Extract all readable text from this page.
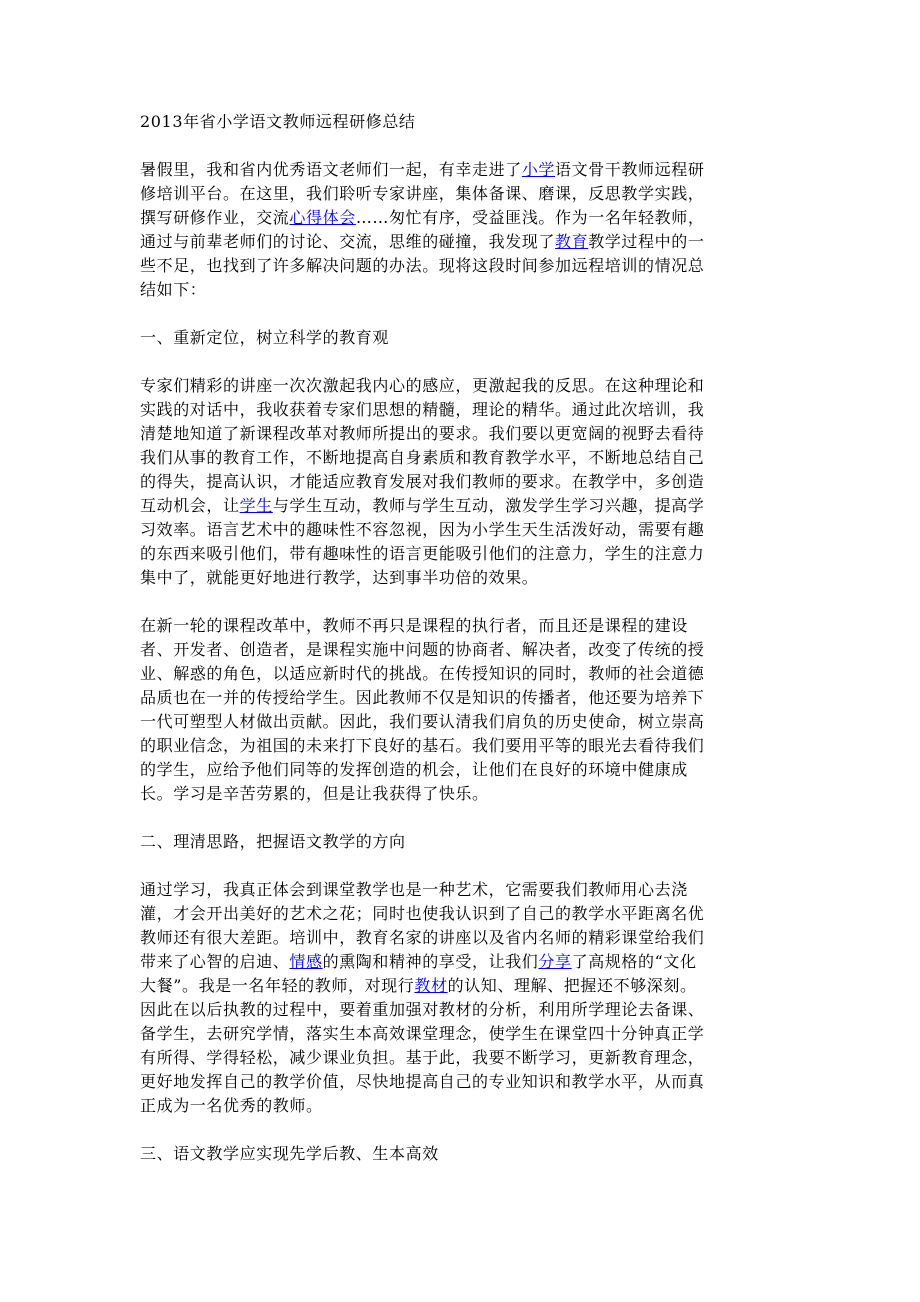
2013年省小学语文教师远程研修总结
暑假里，我和省内优秀语文老师们一起，有幸走进了小学语文骨干教师远程研
修培训平台。在这里，我们聆听专家讲座，集体备课、磨课，反思教学实践，
撰写研修作业，交流心得体会……匆忙有序，受益匪浅。作为一名年轻教师，
通过与前辈老师们的讨论、交流，思维的碰撞，我发现了教育教学过程中的一
些不足，也找到了许多解决问题的办法。现将这段时间参加远程培训的情况总
结如下：
一、重新定位，树立科学的教育观
专家们精彩的讲座一次次激起我内心的感应，更激起我的反思。在这种理论和
实践的对话中，我收获着专家们思想的精髓，理论的精华。通过此次培训，我
清楚地知道了新课程改革对教师所提出的要求。我们要以更宽阔的视野去看待
我们从事的教育工作，不断地提高自身素质和教育教学水平，不断地总结自己
的得失，提高认识，才能适应教育发展对我们教师的要求。在教学中，多创造
互动机会，让学生与学生互动，教师与学生互动，激发学生学习兴趣，提高学
习效率。语言艺术中的趣味性不容忽视，因为小学生天生活泼好动，需要有趣
的东西来吸引他们，带有趣味性的语言更能吸引他们的注意力，学生的注意力
集中了，就能更好地进行教学，达到事半功倍的效果。
在新一轮的课程改革中，教师不再只是课程的执行者，而且还是课程的建设
者、开发者、创造者，是课程实施中问题的协商者、解决者，改变了传统的授
业、解惑的角色，以适应新时代的挑战。在传授知识的同时，教师的社会道德
品质也在一并的传授给学生。因此教师不仅是知识的传播者，他还要为培养下
一代可塑型人材做出贡献。因此，我们要认清我们肩负的历史使命，树立崇高
的职业信念，为祖国的未来打下良好的基石。我们要用平等的眼光去看待我们
的学生，应给予他们同等的发挥创造的机会，让他们在良好的环境中健康成
长。学习是辛苦劳累的，但是让我获得了快乐。
二、理清思路，把握语文教学的方向
通过学习，我真正体会到课堂教学也是一种艺术，它需要我们教师用心去浇
灌，才会开出美好的艺术之花；同时也使我认识到了自己的教学水平距离名优
教师还有很大差距。培训中，教育名家的讲座以及省内名师的精彩课堂给我们
带来了心智的启迪、情感的熏陶和精神的享受，让我们分享了高规格的“文化
大餐”。我是一名年轻的教师，对现行教材的认知、理解、把握还不够深刻。
因此在以后执教的过程中，要着重加强对教材的分析，利用所学理论去备课、
备学生，去研究学情，落实生本高效课堂理念，使学生在课堂四十分钟真正学
有所得、学得轻松，减少课业负担。基于此，我要不断学习，更新教育理念，
更好地发挥自己的教学价值，尽快地提高自己的专业知识和教学水平，从而真
正成为一名优秀的教师。
三、语文教学应实现先学后教、生本高效
